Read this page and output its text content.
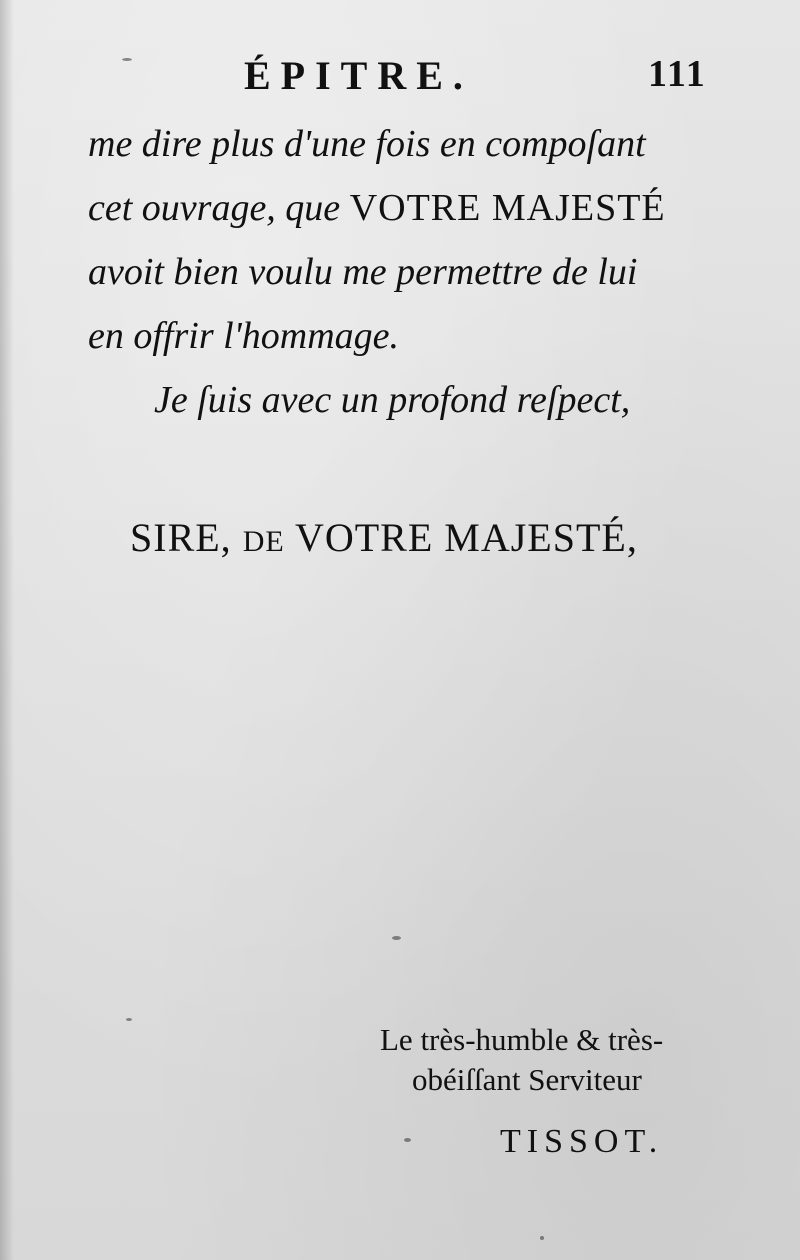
ÉPITRE.	111
me dire plus d'une fois en compoſant
cet ouvrage, que VOTRE MAJESTÉ
avoit bien voulu me permettre de lui
en offrir l'hommage.
Je ſuis avec un profond reſpect,
SIRE, DE VOTRE MAJESTÉ,
Le très-humble & très-
obéiſſant Serviteur
TISSOT.
